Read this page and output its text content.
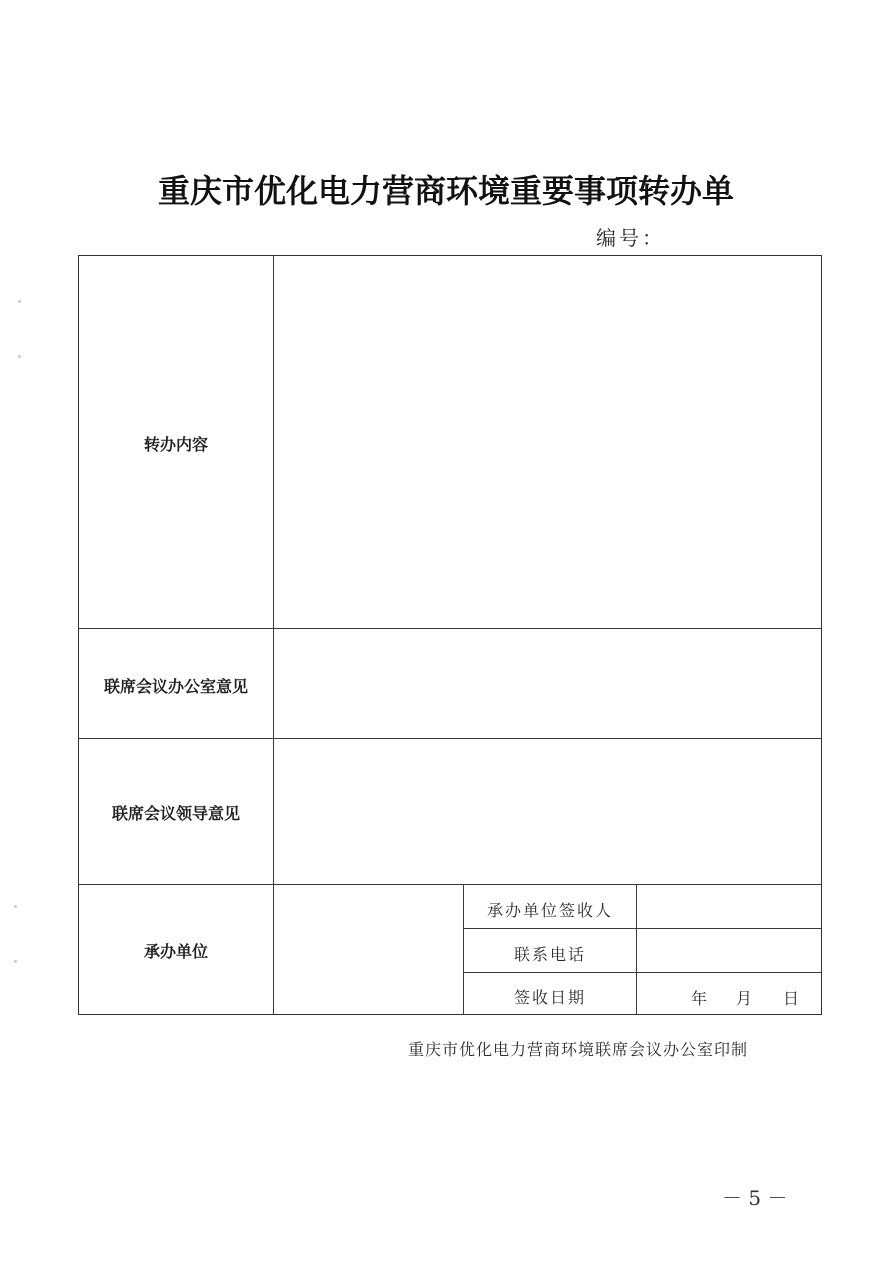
重庆市优化电力营商环境重要事项转办单
编号：
转办内容
联席会议办公室意见
联席会议领导意见
承办单位
承办单位签收人
联系电话
签收日期	年 月 日
重庆市优化电力营商环境联席会议办公室印制
－ 5 －
